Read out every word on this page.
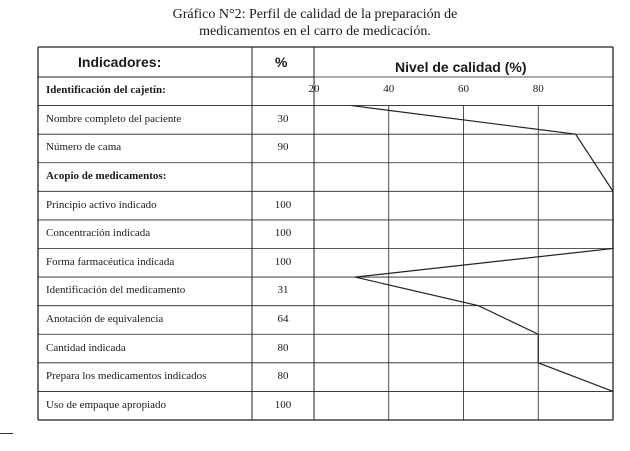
Gráfico N°2: Perfil de calidad de la preparación de
medicamentos en el carro de medicación.
Indicadores:	%	Nivel de calidad (%)
Identificación del cajetín:
Nombre completo del paciente	30
Número de cama	90
Acopio de medicamentos:
Principio activo indicado	100
Concentración indicada	100
Forma farmacéutica indicada	100
Identificación del medicamento	31
Anotación de equivalencia	64
Cantidad indicada	80
Prepara los medicamentos indicados	80
Uso de empaque apropiado	100
20	40	60	80
